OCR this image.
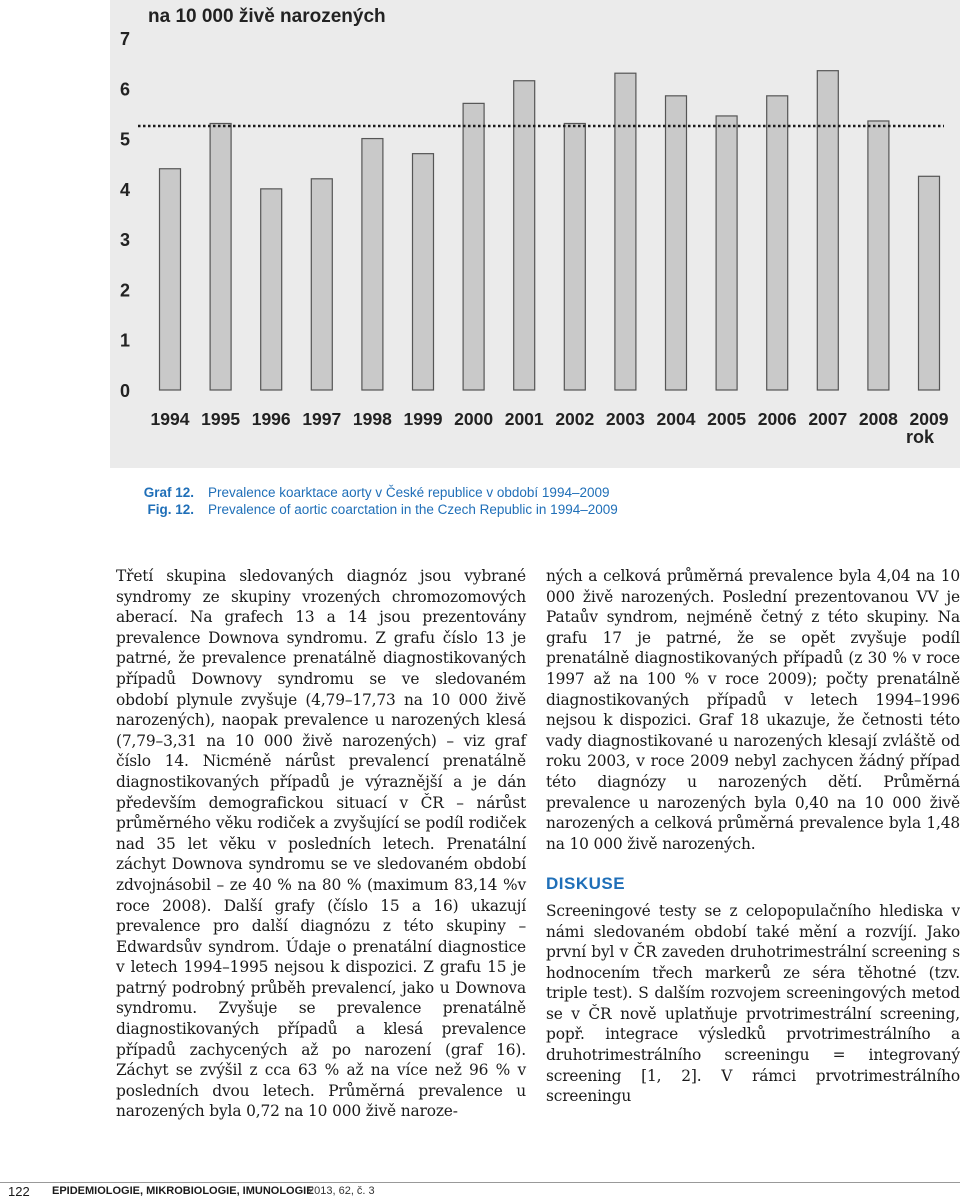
na 10 000 živě narozených
0
1
2
3
4
5
6
7
1994 1995 1996 1997 1998 1999 2000 2001 2002 2003 2004 2005 2006 2007 2008 2009
rok
Graf 12. Prevalence koarktace aorty v České republice v období 1994–2009
Fig. 12. Prevalence of aortic coarctation in the Czech Republic in 1994–2009

Třetí skupina sledovaných diagnóz jsou vybrané syndromy ze skupiny vrozených chromozomových aberací. Na grafech 13 a 14 jsou prezentovány prevalence Downova syndromu. Z grafu číslo 13 je patrné, že prevalence prenatálně diagnostikovaných případů Downovy syndromu se ve sledovaném období plynule zvyšuje (4,79–17,73 na 10 000 živě narozených), naopak prevalence u narozených klesá (7,79–3,31 na 10 000 živě narozených) – viz graf číslo 14. Nicméně nárůst prevalencí prenatálně diagnostikovaných případů je výraznější a je dán především demografickou situací v ČR – nárůst průměrného věku rodiček a zvyšující se podíl rodiček nad 35 let věku v posledních letech. Prenatální záchyt Downova syndromu se ve sledovaném období zdvojnásobil – ze 40 % na 80 % (maximum 83,14 %v roce 2008). Další grafy (číslo 15 a 16) ukazují prevalence pro další diagnózu z této skupiny – Edwardsův syndrom. Údaje o prenatální diagnostice v letech 1994–1995 nejsou k dispozici. Z grafu 15 je patrný podrobný průběh prevalencí, jako u Downova syndromu. Zvyšuje se prevalence prenatálně diagnostikovaných případů a klesá prevalence případů zachycených až po narození (graf 16). Záchyt se zvýšil z cca 63 % až na více než 96 % v posledních dvou letech. Průměrná prevalence u narozených byla 0,72 na 10 000 živě naroze-

ných a celková průměrná prevalence byla 4,04 na 10 000 živě narozených. Poslední prezentovanou VV je Pataův syndrom, nejméně četný z této skupiny. Na grafu 17 je patrné, že se opět zvyšuje podíl prenatálně diagnostikovaných případů (z 30 % v roce 1997 až na 100 % v roce 2009); počty prenatálně diagnostikovaných případů v letech 1994–1996 nejsou k dispozici. Graf 18 ukazuje, že četnosti této vady diagnostikované u narozených klesají zvláště od roku 2003, v roce 2009 nebyl zachycen žádný případ této diagnózy u narozených dětí. Průměrná prevalence u narozených byla 0,40 na 10 000 živě narozených a celková průměrná prevalence byla 1,48 na 10 000 živě narozených.

DISKUSE

Screeningové testy se z celopopulačního hlediska v námi sledovaném období také mění a rozvíjí. Jako první byl v ČR zaveden druhotrimestrální screening s hodnocením třech markerů ze séra těhotné (tzv. triple test). S dalším rozvojem screeningových metod se v ČR nově uplatňuje prvotrimestrální screening, popř. integrace výsledků prvotrimestrálního a druhotrimestrálního screeningu = integrovaný screening [1, 2]. V rámci prvotrimestrálního screeningu

122 EPIDEMIOLOGIE, MIKROBIOLOGIE, IMUNOLOGIE
2013, 62, č. 3
